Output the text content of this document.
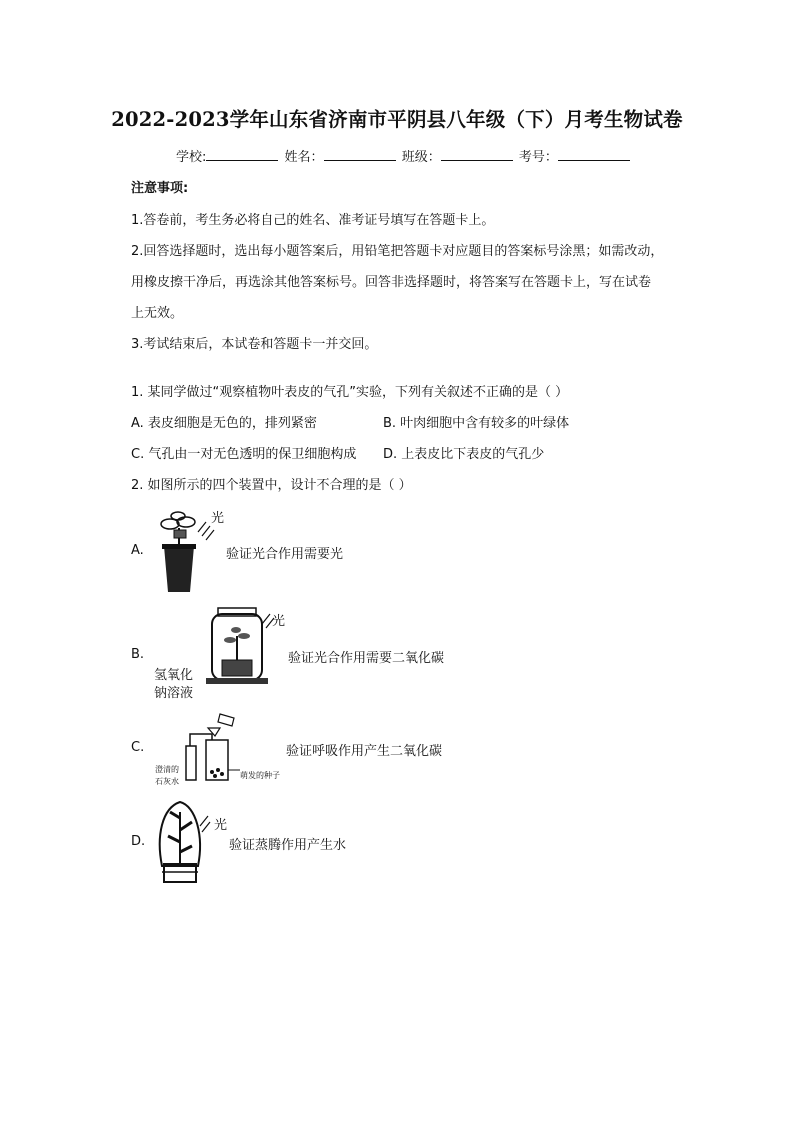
2022-2023学年山东省济南市平阴县八年级（下）月考生物试卷
学校:	姓名：	班级：	考号：
注意事项:
1.答卷前，考生务必将自己的姓名、准考证号填写在答题卡上。
2.回答选择题时，选出每小题答案后，用铅笔把答题卡对应题目的答案标号涂黑；如需改动，
用橡皮擦干净后，再选涂其他答案标号。回答非选择题时，将答案写在答题卡上，写在试卷
上无效。
3.考试结束后，本试卷和答题卡一并交回。
1. 某同学做过“观察植物叶表皮的气孔”实验，下列有关叙述不正确的是（ ）
A. 表皮细胞是无色的，排列紧密	B. 叶肉细胞中含有较多的叶绿体
C. 气孔由一对无色透明的保卫细胞构成 D. 上表皮比下表皮的气孔少
2. 如图所示的四个装置中，设计不合理的是（ ）
A.
光
验证光合作用需要光
B.
光
氢氧化
钠溶液
验证光合作用需要二氧化碳
C.
澄清的
石灰水
萌发的种子
验证呼吸作用产生二氧化碳
D.
光
验证蒸腾作用产生水
